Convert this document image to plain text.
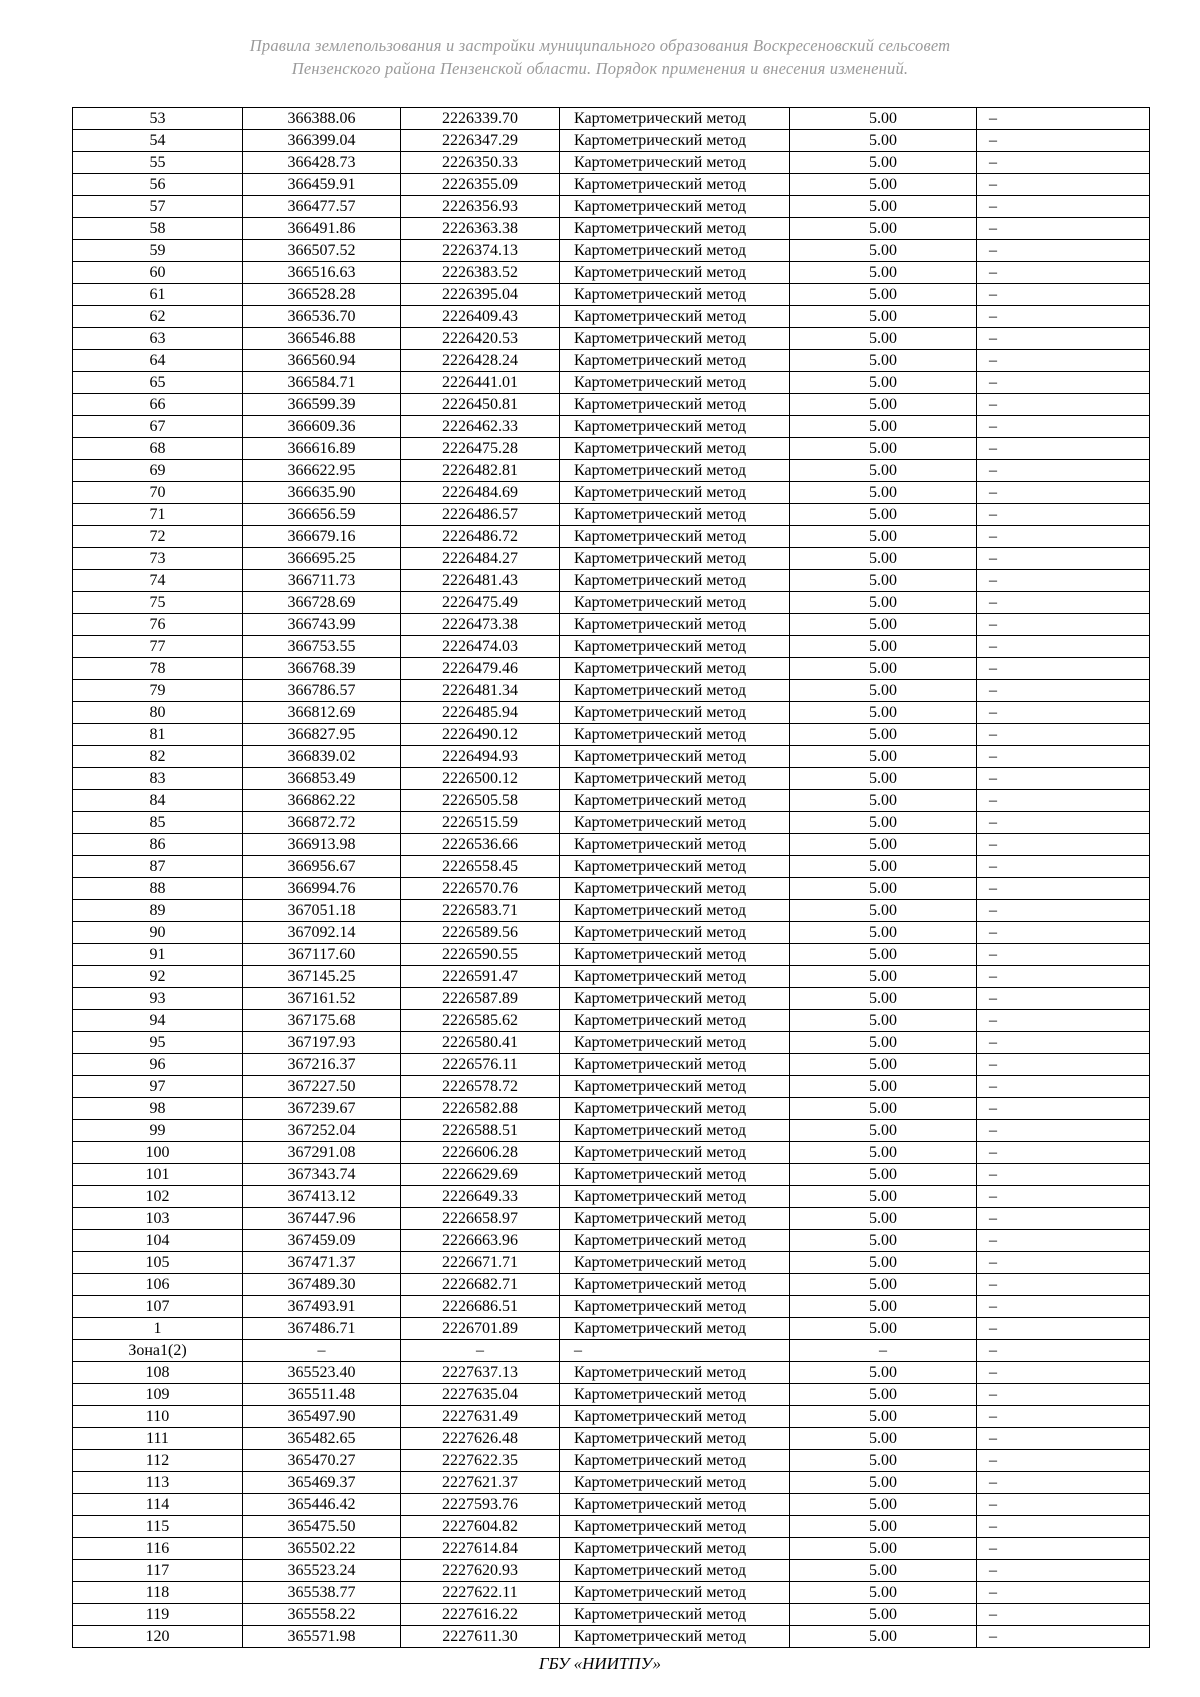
Правила землепользования и застройки муниципального образования Воскресеновский сельсовет
Пензенского района Пензенской области. Порядок применения и внесения изменений.
53	366388.06	2226339.70	Картометрический метод	5.00	–
54	366399.04	2226347.29	Картометрический метод	5.00	–
55	366428.73	2226350.33	Картометрический метод	5.00	–
56	366459.91	2226355.09	Картометрический метод	5.00	–
57	366477.57	2226356.93	Картометрический метод	5.00	–
58	366491.86	2226363.38	Картометрический метод	5.00	–
59	366507.52	2226374.13	Картометрический метод	5.00	–
60	366516.63	2226383.52	Картометрический метод	5.00	–
61	366528.28	2226395.04	Картометрический метод	5.00	–
62	366536.70	2226409.43	Картометрический метод	5.00	–
63	366546.88	2226420.53	Картометрический метод	5.00	–
64	366560.94	2226428.24	Картометрический метод	5.00	–
65	366584.71	2226441.01	Картометрический метод	5.00	–
66	366599.39	2226450.81	Картометрический метод	5.00	–
67	366609.36	2226462.33	Картометрический метод	5.00	–
68	366616.89	2226475.28	Картометрический метод	5.00	–
69	366622.95	2226482.81	Картометрический метод	5.00	–
70	366635.90	2226484.69	Картометрический метод	5.00	–
71	366656.59	2226486.57	Картометрический метод	5.00	–
72	366679.16	2226486.72	Картометрический метод	5.00	–
73	366695.25	2226484.27	Картометрический метод	5.00	–
74	366711.73	2226481.43	Картометрический метод	5.00	–
75	366728.69	2226475.49	Картометрический метод	5.00	–
76	366743.99	2226473.38	Картометрический метод	5.00	–
77	366753.55	2226474.03	Картометрический метод	5.00	–
78	366768.39	2226479.46	Картометрический метод	5.00	–
79	366786.57	2226481.34	Картометрический метод	5.00	–
80	366812.69	2226485.94	Картометрический метод	5.00	–
81	366827.95	2226490.12	Картометрический метод	5.00	–
82	366839.02	2226494.93	Картометрический метод	5.00	–
83	366853.49	2226500.12	Картометрический метод	5.00	–
84	366862.22	2226505.58	Картометрический метод	5.00	–
85	366872.72	2226515.59	Картометрический метод	5.00	–
86	366913.98	2226536.66	Картометрический метод	5.00	–
87	366956.67	2226558.45	Картометрический метод	5.00	–
88	366994.76	2226570.76	Картометрический метод	5.00	–
89	367051.18	2226583.71	Картометрический метод	5.00	–
90	367092.14	2226589.56	Картометрический метод	5.00	–
91	367117.60	2226590.55	Картометрический метод	5.00	–
92	367145.25	2226591.47	Картометрический метод	5.00	–
93	367161.52	2226587.89	Картометрический метод	5.00	–
94	367175.68	2226585.62	Картометрический метод	5.00	–
95	367197.93	2226580.41	Картометрический метод	5.00	–
96	367216.37	2226576.11	Картометрический метод	5.00	–
97	367227.50	2226578.72	Картометрический метод	5.00	–
98	367239.67	2226582.88	Картометрический метод	5.00	–
99	367252.04	2226588.51	Картометрический метод	5.00	–
100	367291.08	2226606.28	Картометрический метод	5.00	–
101	367343.74	2226629.69	Картометрический метод	5.00	–
102	367413.12	2226649.33	Картометрический метод	5.00	–
103	367447.96	2226658.97	Картометрический метод	5.00	–
104	367459.09	2226663.96	Картометрический метод	5.00	–
105	367471.37	2226671.71	Картометрический метод	5.00	–
106	367489.30	2226682.71	Картометрический метод	5.00	–
107	367493.91	2226686.51	Картометрический метод	5.00	–
1	367486.71	2226701.89	Картометрический метод	5.00	–
Зона1(2)	–	–	–	–	–
108	365523.40	2227637.13	Картометрический метод	5.00	–
109	365511.48	2227635.04	Картометрический метод	5.00	–
110	365497.90	2227631.49	Картометрический метод	5.00	–
111	365482.65	2227626.48	Картометрический метод	5.00	–
112	365470.27	2227622.35	Картометрический метод	5.00	–
113	365469.37	2227621.37	Картометрический метод	5.00	–
114	365446.42	2227593.76	Картометрический метод	5.00	–
115	365475.50	2227604.82	Картометрический метод	5.00	–
116	365502.22	2227614.84	Картометрический метод	5.00	–
117	365523.24	2227620.93	Картометрический метод	5.00	–
118	365538.77	2227622.11	Картометрический метод	5.00	–
119	365558.22	2227616.22	Картометрический метод	5.00	–
120	365571.98	2227611.30	Картометрический метод	5.00	–
ГБУ «НИИТПУ»
